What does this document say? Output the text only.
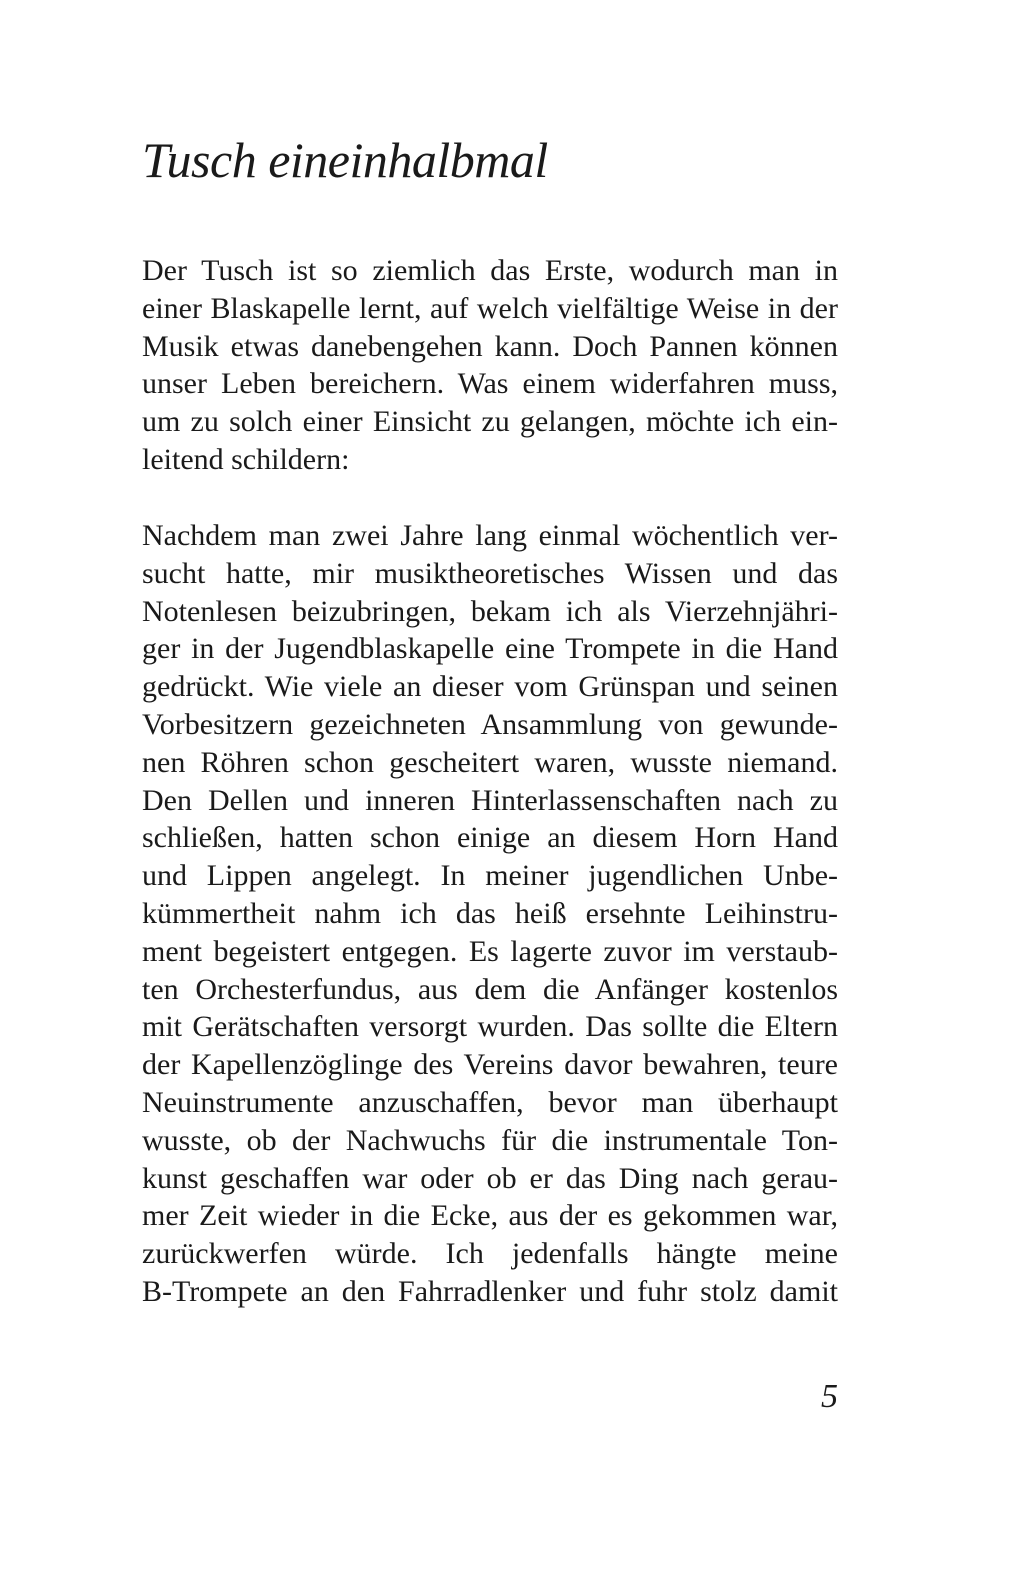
Tusch eineinhalbmal
Der Tusch ist so ziemlich das Erste, wodurch man in
einer Blaskapelle lernt, auf welch vielfältige Weise in der
Musik etwas danebengehen kann. Doch Pannen können
unser Leben bereichern. Was einem widerfahren muss,
um zu solch einer Einsicht zu gelangen, möchte ich ein-
leitend schildern:
Nachdem man zwei Jahre lang einmal wöchentlich ver-
sucht hatte, mir musiktheoretisches Wissen und das
Notenlesen beizubringen, bekam ich als Vierzehnjähri-
ger in der Jugendblaskapelle eine Trompete in die Hand
gedrückt. Wie viele an dieser vom Grünspan und seinen
Vorbesitzern gezeichneten Ansammlung von gewunde-
nen Röhren schon gescheitert waren, wusste niemand.
Den Dellen und inneren Hinterlassenschaften nach zu
schließen, hatten schon einige an diesem Horn Hand
und Lippen angelegt. In meiner jugendlichen Unbe-
kümmertheit nahm ich das heiß ersehnte Leihinstru-
ment begeistert entgegen. Es lagerte zuvor im verstaub-
ten Orchesterfundus, aus dem die Anfänger kostenlos
mit Gerätschaften versorgt wurden. Das sollte die Eltern
der Kapellenzöglinge des Vereins davor bewahren, teure
Neuinstrumente anzuschaffen, bevor man überhaupt
wusste, ob der Nachwuchs für die instrumentale Ton-
kunst geschaffen war oder ob er das Ding nach gerau-
mer Zeit wieder in die Ecke, aus der es gekommen war,
zurückwerfen würde. Ich jedenfalls hängte meine
B-Trompete an den Fahrradlenker und fuhr stolz damit
5
